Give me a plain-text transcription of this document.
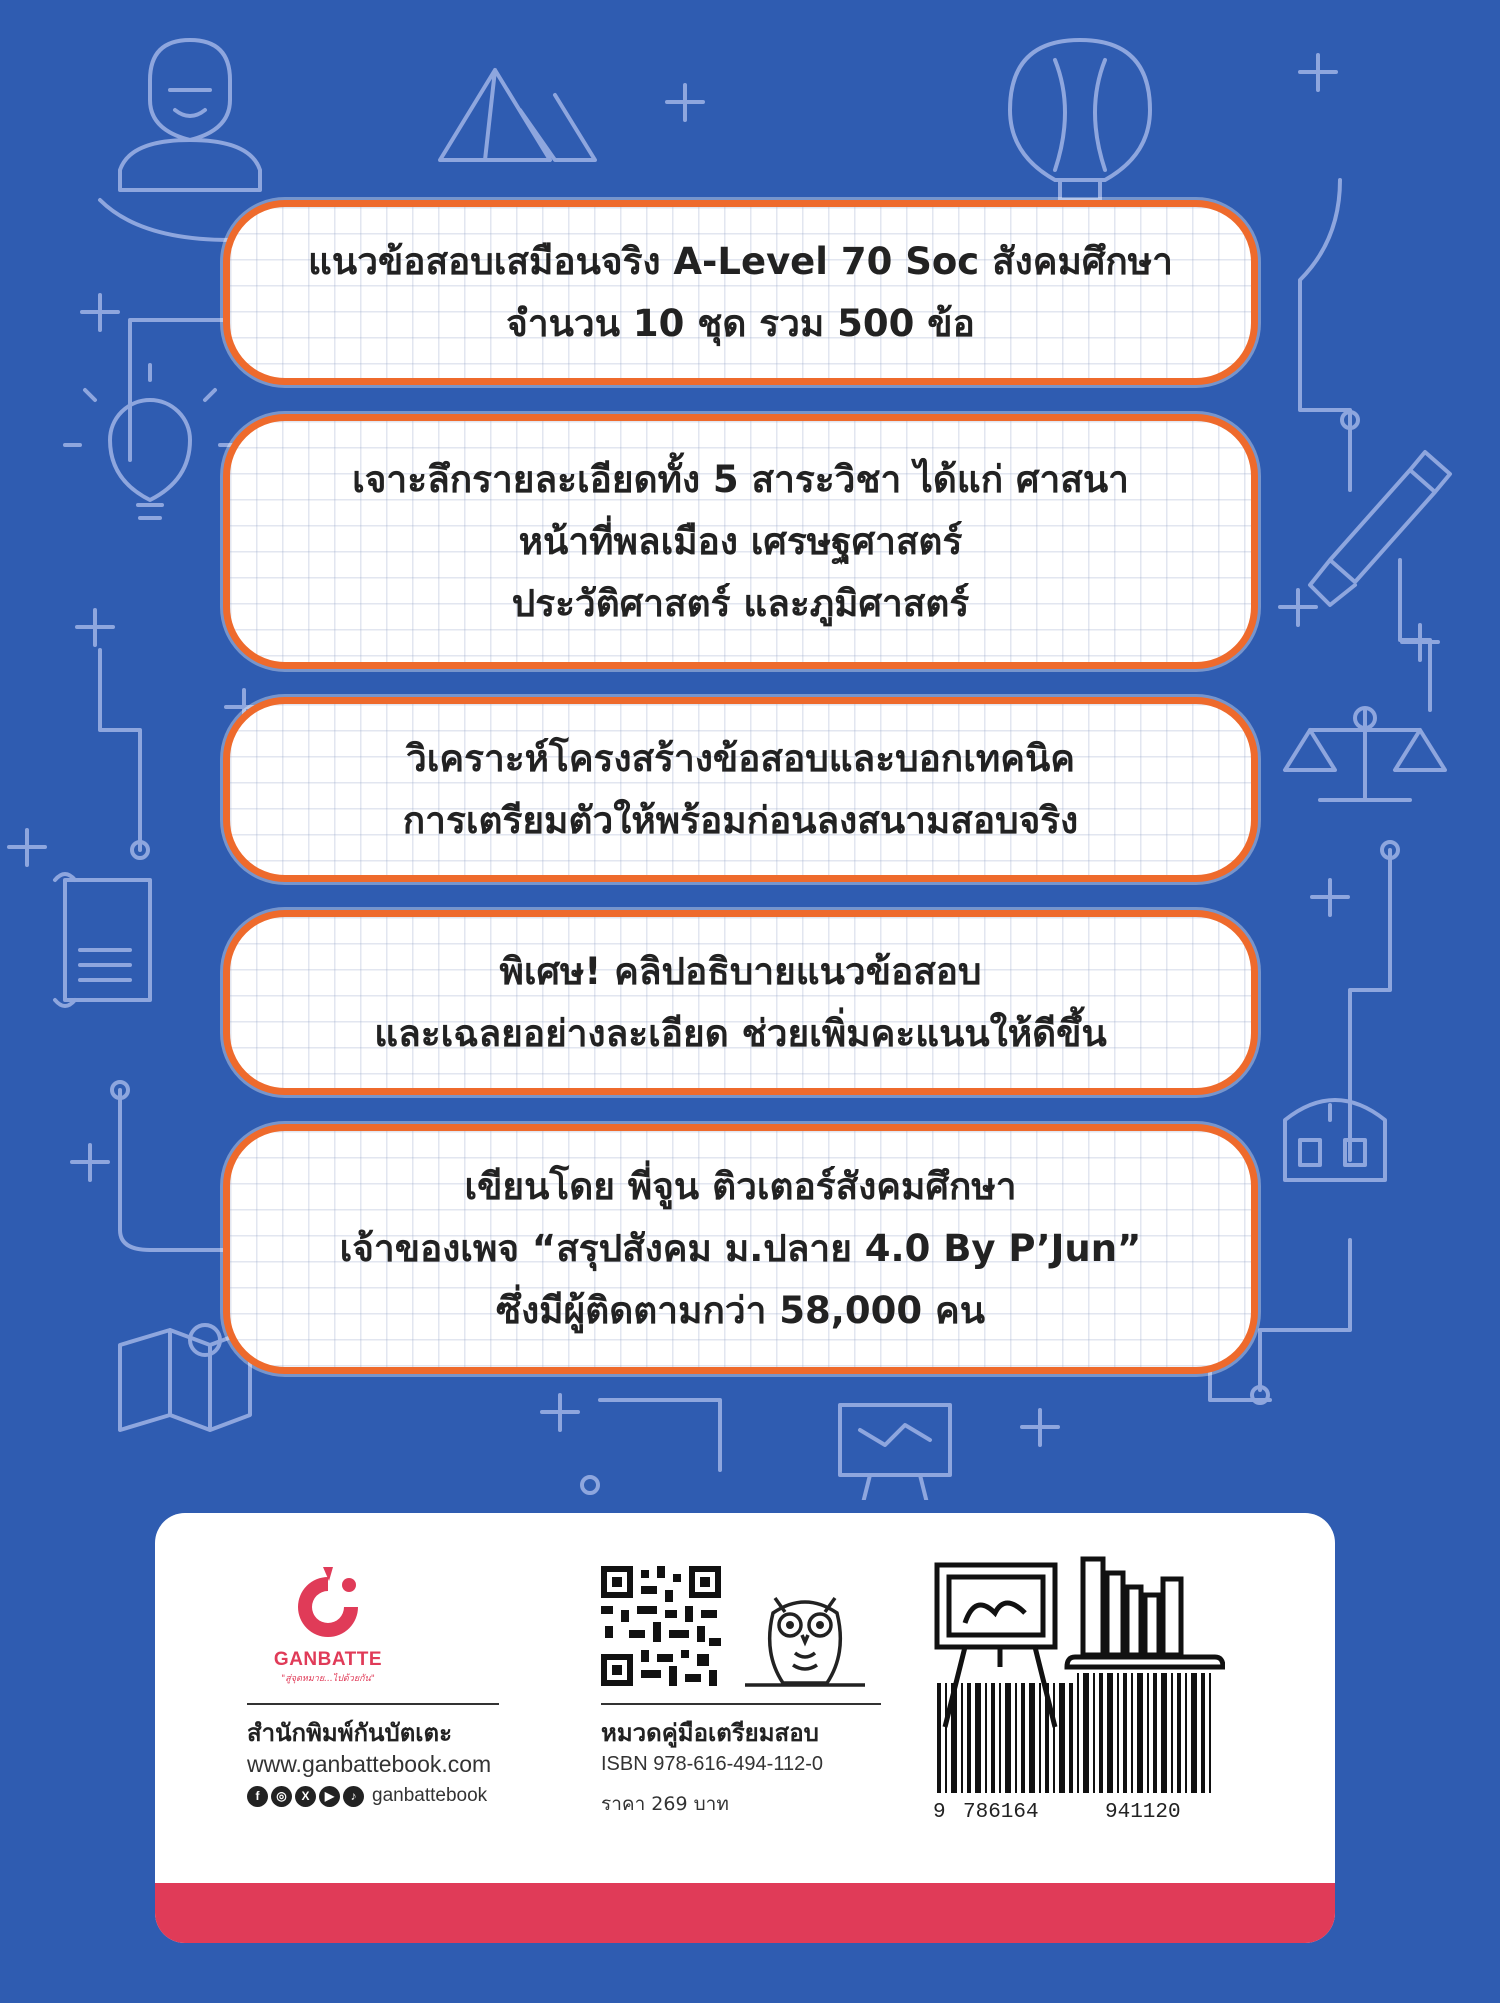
แนวข้อสอบเสมือนจริง A-Level 70 Soc สังคมศึกษา
จำนวน 10 ชุด รวม 500 ข้อ
เจาะลึกรายละเอียดทั้ง 5 สาระวิชา ได้แก่ ศาสนา
หน้าที่พลเมือง เศรษฐศาสตร์
ประวัติศาสตร์ และภูมิศาสตร์
วิเคราะห์โครงสร้างข้อสอบและบอกเทคนิค
การเตรียมตัวให้พร้อมก่อนลงสนามสอบจริง
พิเศษ! คลิปอธิบายแนวข้อสอบ
และเฉลยอย่างละเอียด ช่วยเพิ่มคะแนนให้ดีขึ้น
เขียนโดย พี่จูน ติวเตอร์สังคมศึกษา
เจ้าของเพจ “สรุปสังคม ม.ปลาย 4.0 By P’Jun”
ซึ่งมีผู้ติดตามกว่า 58,000 คน
GANBATTE
"สู่จุดหมาย...ไปด้วยกัน"
สำนักพิมพ์กันบัตเตะ
www.ganbattebook.com
f	◎	X	▶	♪ ganbattebook
หมวดคู่มือเตรียมสอบ
ISBN 978-616-494-112-0
ราคา 269 บาท	9 786164	941120
